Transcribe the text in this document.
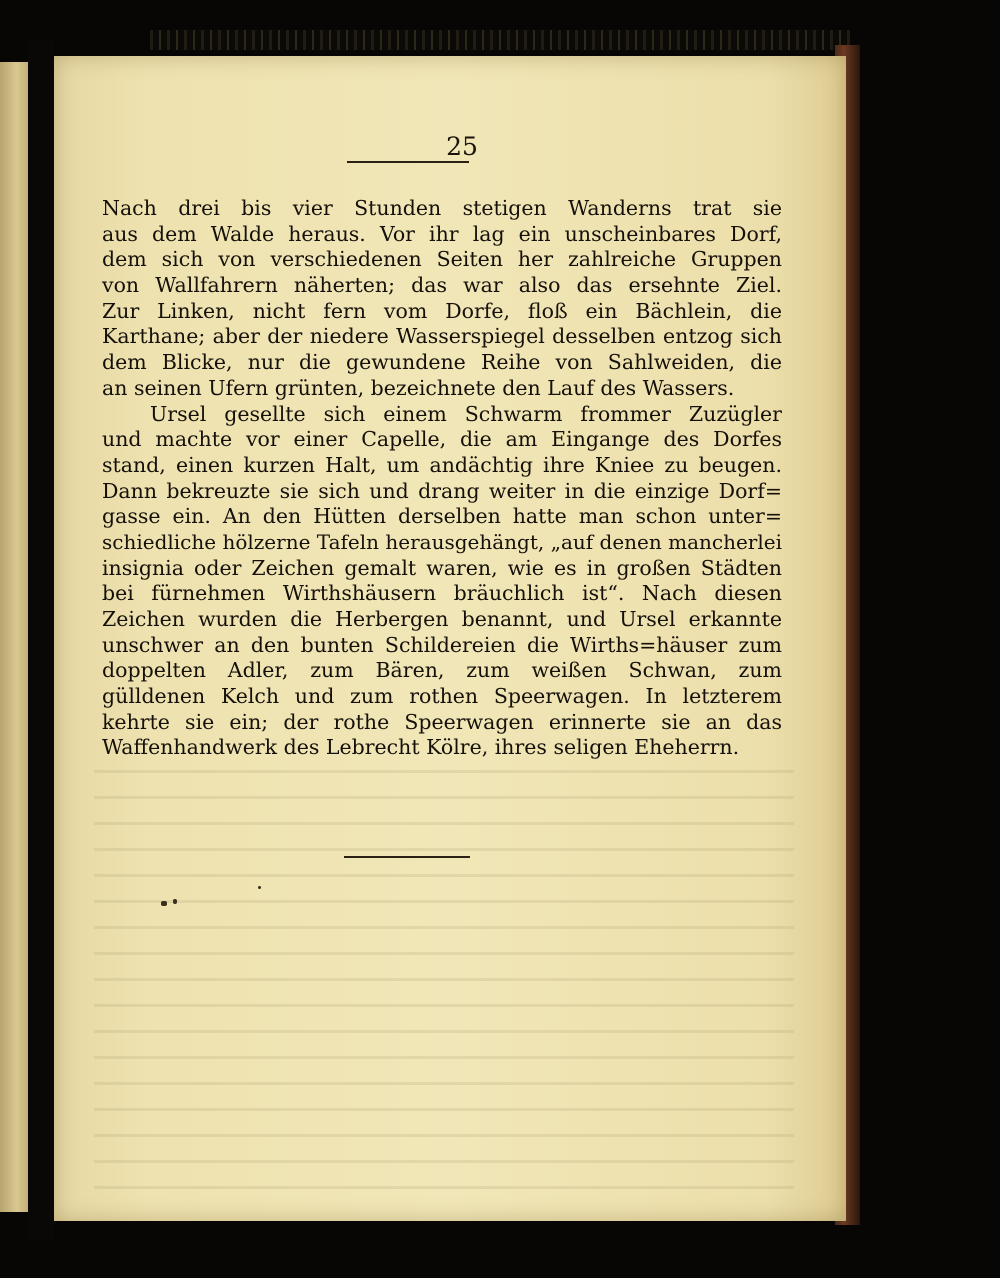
25
Nach drei bis vier Stunden stetigen Wanderns trat sie
aus dem Walde heraus. Vor ihr lag ein unscheinbares Dorf,
dem sich von verschiedenen Seiten her zahlreiche Gruppen
von Wallfahrern näherten; das war also das ersehnte Ziel.
Zur Linken, nicht fern vom Dorfe, floß ein Bächlein, die
Karthane; aber der niedere Wasserspiegel desselben entzog sich
dem Blicke, nur die gewundene Reihe von Sahlweiden, die
an seinen Ufern grünten, bezeichnete den Lauf des Wassers.
Ursel gesellte sich einem Schwarm frommer Zuzügler
und machte vor einer Capelle, die am Eingange des Dorfes
stand, einen kurzen Halt, um andächtig ihre Kniee zu beugen.
Dann bekreuzte sie sich und drang weiter in die einzige Dorf=
gasse ein. An den Hütten derselben hatte man schon unter=
schiedliche hölzerne Tafeln herausgehängt, „auf denen mancherlei
insignia oder Zeichen gemalt waren, wie es in großen Städten
bei fürnehmen Wirthshäusern bräuchlich ist“. Nach diesen
Zeichen wurden die Herbergen benannt, und Ursel erkannte
unschwer an den bunten Schildereien die Wirths=häuser zum
doppelten Adler, zum Bären, zum weißen Schwan, zum
gülldenen Kelch und zum rothen Speerwagen. In letzterem
kehrte sie ein; der rothe Speerwagen erinnerte sie an das
Waffenhandwerk des Lebrecht Kölre, ihres seligen Eheherrn.
